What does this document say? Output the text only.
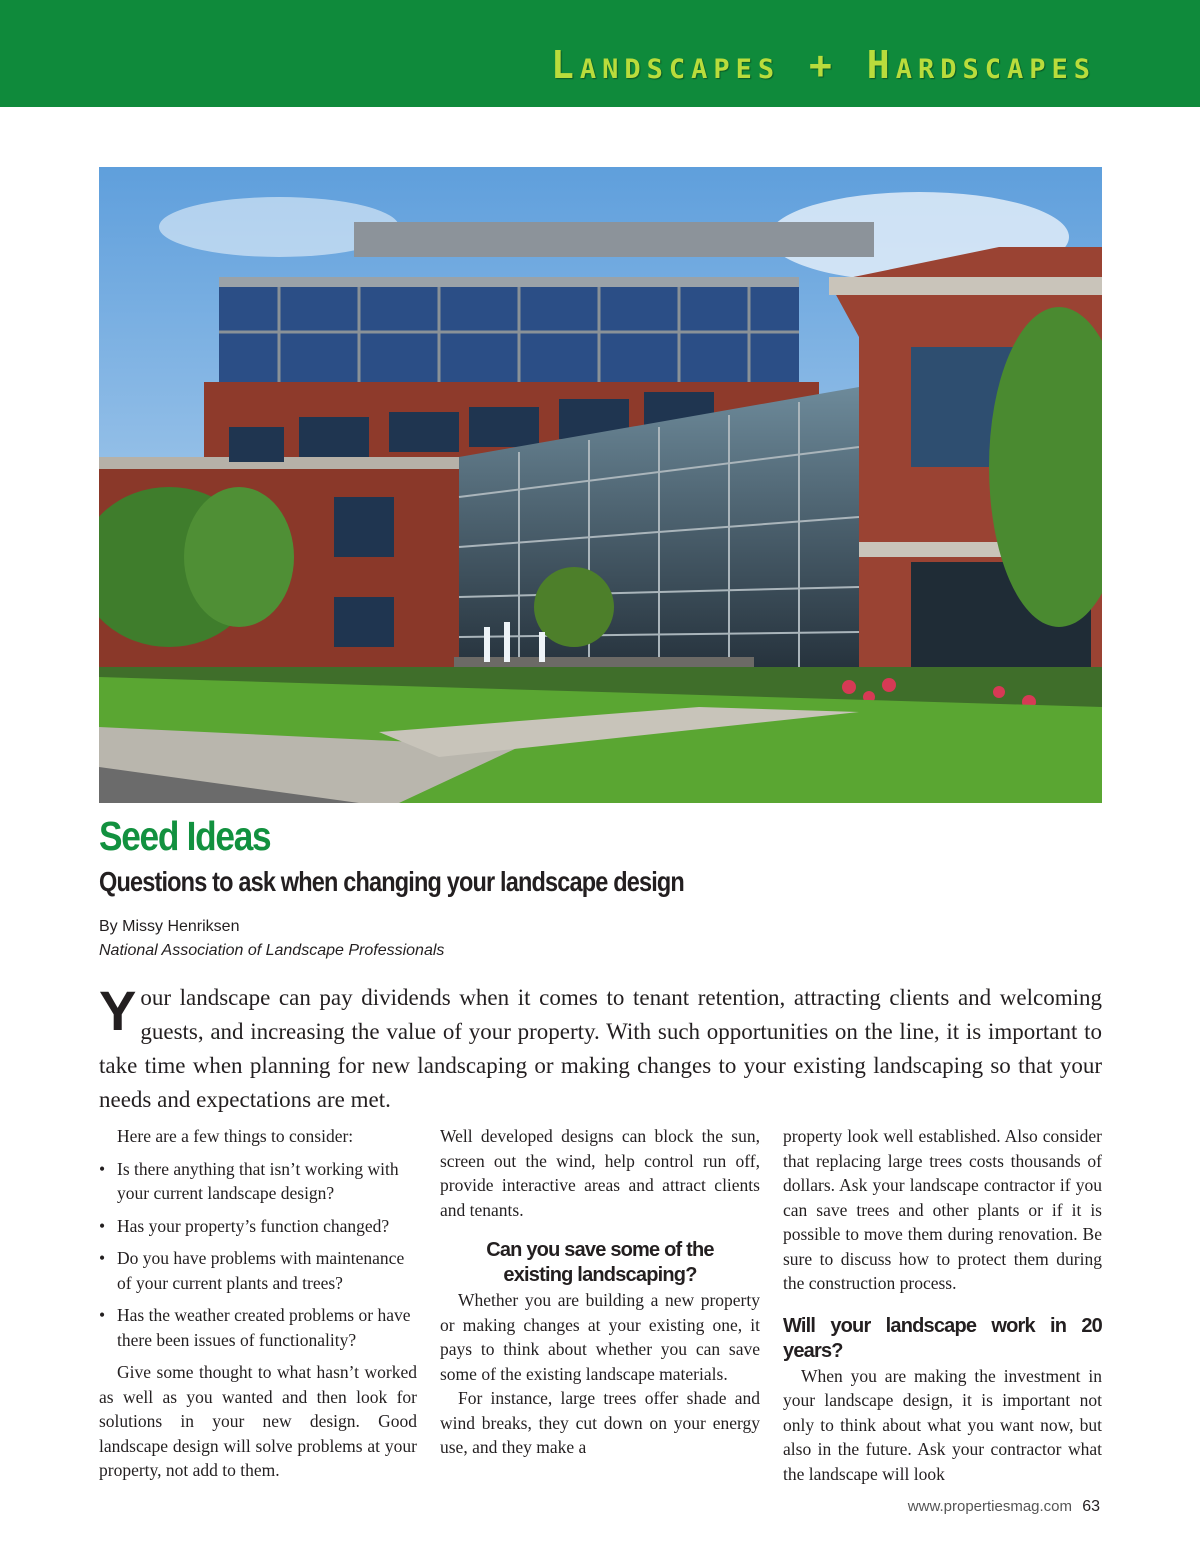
Landscapes + Hardscapes
Seed Ideas
Questions to ask when changing your landscape design
By Missy Henriksen
National Association of Landscape Professionals
Y our landscape can pay dividends when it comes to tenant retention, attracting clients and welcoming guests, and increasing the value of your property. With such opportunities on the line, it is important to take time when planning for new landscaping or making changes to your existing landscaping so that your needs and expectations are met.

Here are a few things to consider:

• Is there anything that isn’t working with your current landscape design?
• Has your property’s function changed?
• Do you have problems with maintenance of your current plants and trees?
• Has the weather created problems or have there been issues of functionality?

Give some thought to what hasn’t worked as well as you wanted and then look for solutions in your new design. Good landscape design will solve problems at your property, not add to them.

Well developed designs can block the sun, screen out the wind, help control run off, provide interactive areas and attract clients and tenants.

Can you save some of the
existing landscaping?

Whether you are building a new property or making changes at your existing one, it pays to think about whether you can save some of the existing landscape materials.

For instance, large trees offer shade and wind breaks, they cut down on your energy use, and they make a

property look well established. Also consider that replacing large trees costs thousands of dollars. Ask your landscape contractor if you can save trees and other plants or if it is possible to move them during renovation. Be sure to discuss how to protect them during the construction process.

Will your landscape work in 20 years?

When you are making the investment in your landscape design, it is important not only to think about what you want now, but also in the future. Ask your contractor what the landscape will look

www.propertiesmag.com 63
